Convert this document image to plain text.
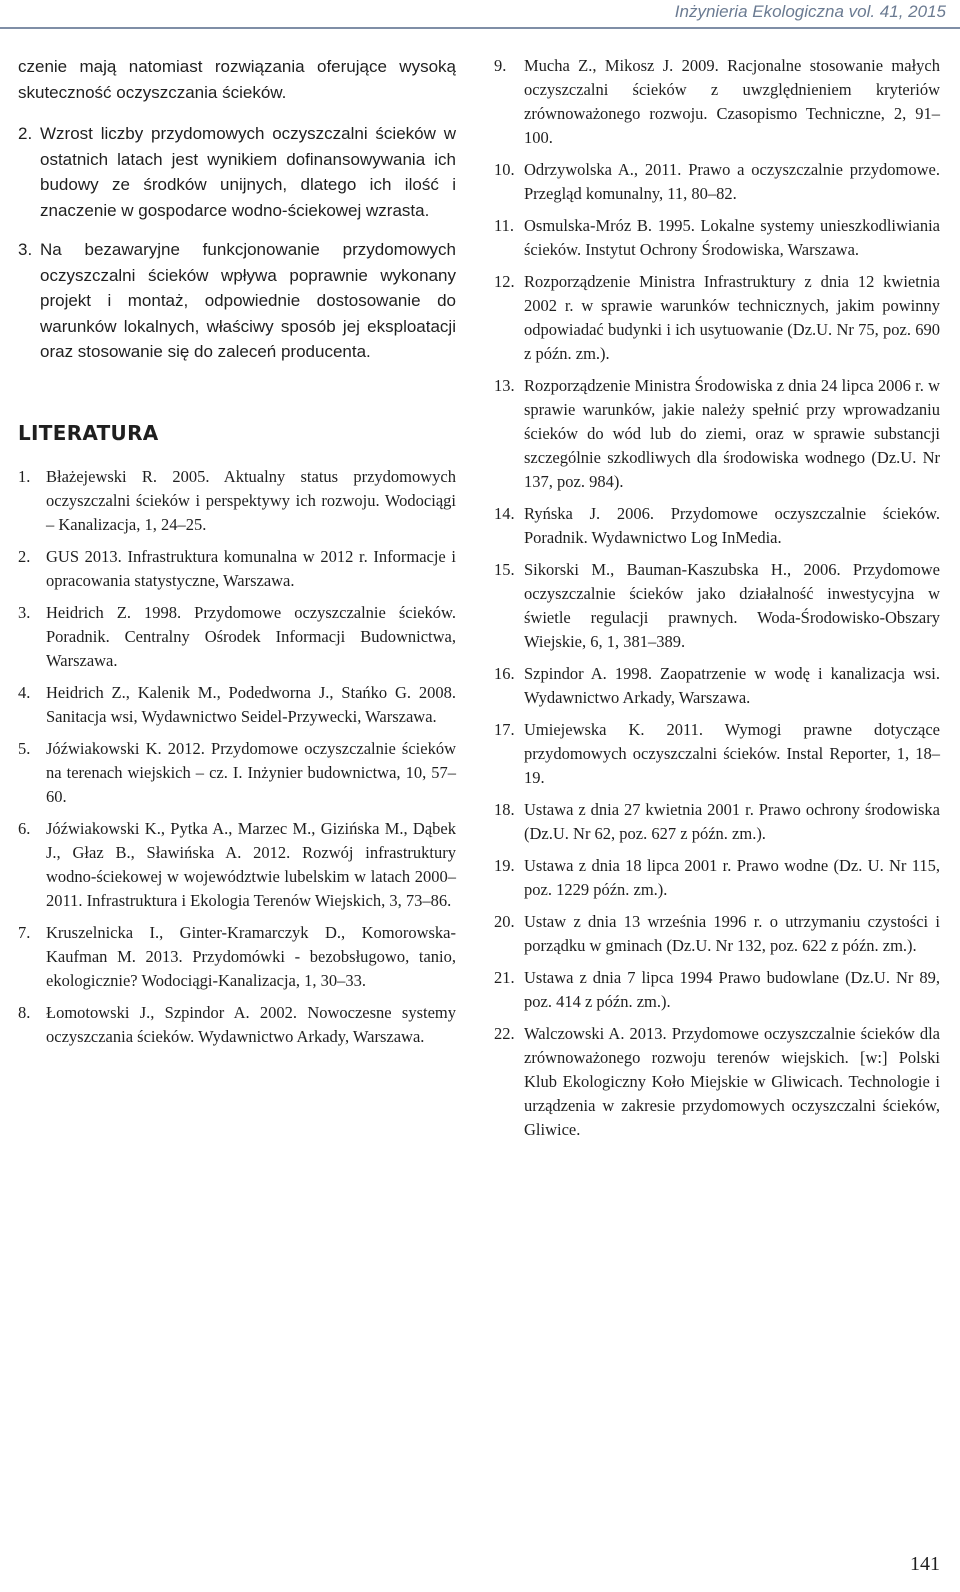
Inżynieria Ekologiczna vol. 41, 2015

czenie mają natomiast rozwiązania oferujące wysoką skuteczność oczyszczania ścieków.

2. Wzrost liczby przydomowych oczyszczalni ścieków w ostatnich latach jest wynikiem dofinansowywania ich budowy ze środków unijnych, dlatego ich ilość i znaczenie w gospodarce wodno-ściekowej wzrasta.
3. Na bezawaryjne funkcjonowanie przydomowych oczyszczalni ścieków wpływa poprawnie wykonany projekt i montaż, odpowiednie dostosowanie do warunków lokalnych, właściwy sposób jej eksploatacji oraz stosowanie się do zaleceń producenta.
LITERATURA
1. Błażejewski R. 2005. Aktualny status przydomowych oczyszczalni ścieków i perspektywy ich rozwoju. Wodociągi – Kanalizacja, 1, 24–25.
2. GUS 2013. Infrastruktura komunalna w 2012 r. Informacje i opracowania statystyczne, Warszawa.
3. Heidrich Z. 1998. Przydomowe oczyszczalnie ścieków. Poradnik. Centralny Ośrodek Informacji Budownictwa, Warszawa.
4. Heidrich Z., Kalenik M., Podedworna J., Stańko G. 2008. Sanitacja wsi, Wydawnictwo Seidel-Przywecki, Warszawa.
5. Jóźwiakowski K. 2012. Przydomowe oczyszczalnie ścieków na terenach wiejskich – cz. I. Inżynier budownictwa, 10, 57–60.
6. Jóźwiakowski K., Pytka A., Marzec M., Gizińska M., Dąbek J., Głaz B., Sławińska A. 2012. Rozwój infrastruktury wodno-ściekowej w województwie lubelskim w latach 2000–2011. Infrastruktura i Ekologia Terenów Wiejskich, 3, 73–86.
7. Kruszelnicka I., Ginter-Kramarczyk D., Komorowska-Kaufman M. 2013. Przydomówki - bezobsługowo, tanio, ekologicznie? Wodociągi-Kanalizacja, 1, 30–33.
8. Łomotowski J., Szpindor A. 2002. Nowoczesne systemy oczyszczania ścieków. Wydawnictwo Arkady, Warszawa.
9.	Mucha Z., Mikosz J. 2009. Racjonalne stosowanie małych oczyszczalni ścieków z uwzględnieniem kryteriów zrównoważonego rozwoju. Czasopismo Techniczne, 2, 91–100.
10. Odrzywolska A., 2011. Prawo a oczyszczalnie przydomowe. Przegląd komunalny, 11, 80–82.
11. Osmulska-Mróz B. 1995. Lokalne systemy unieszkodliwiania ścieków. Instytut Ochrony Środowiska, Warszawa.
12. Rozporządzenie Ministra Infrastruktury z dnia 12 kwietnia 2002 r. w sprawie warunków technicznych, jakim powinny odpowiadać budynki i ich usytuowanie (Dz.U. Nr 75, poz. 690 z późn. zm.).
13. Rozporządzenie Ministra Środowiska z dnia 24 lipca 2006 r. w sprawie warunków, jakie należy spełnić przy wprowadzaniu ścieków do wód lub do ziemi, oraz w sprawie substancji szczególnie szkodliwych dla środowiska wodnego (Dz.U. Nr 137, poz. 984).
14. Ryńska J. 2006. Przydomowe oczyszczalnie ścieków. Poradnik. Wydawnictwo Log InMedia.
15. Sikorski M., Bauman-Kaszubska H., 2006. Przydomowe oczyszczalnie ścieków jako działalność inwestycyjna w świetle regulacji prawnych. Woda-Środowisko-Obszary Wiejskie, 6, 1, 381–389.
16. Szpindor A. 1998. Zaopatrzenie w wodę i kanalizacja wsi. Wydawnictwo Arkady, Warszawa.
17. Umiejewska K. 2011. Wymogi prawne dotyczące przydomowych oczyszczalni ścieków. Instal Reporter, 1, 18–19.
18. Ustawa z dnia 27 kwietnia 2001 r. Prawo ochrony środowiska (Dz.U. Nr 62, poz. 627 z późn. zm.).
19. Ustawa z dnia 18 lipca 2001 r. Prawo wodne (Dz. U. Nr 115, poz. 1229 późn. zm.).
20. Ustaw z dnia 13 września 1996 r. o utrzymaniu czystości i porządku w gminach (Dz.U. Nr 132, poz. 622 z późn. zm.).
21. Ustawa z dnia 7 lipca 1994 Prawo budowlane (Dz.U. Nr 89, poz. 414 z późn. zm.).
22. Walczowski A. 2013. Przydomowe oczyszczalnie ścieków dla zrównoważonego rozwoju terenów wiejskich. [w:] Polski Klub Ekologiczny Koło Miejskie w Gliwicach. Technologie i urządzenia w zakresie przydomowych oczyszczalni ścieków, Gliwice.
141
